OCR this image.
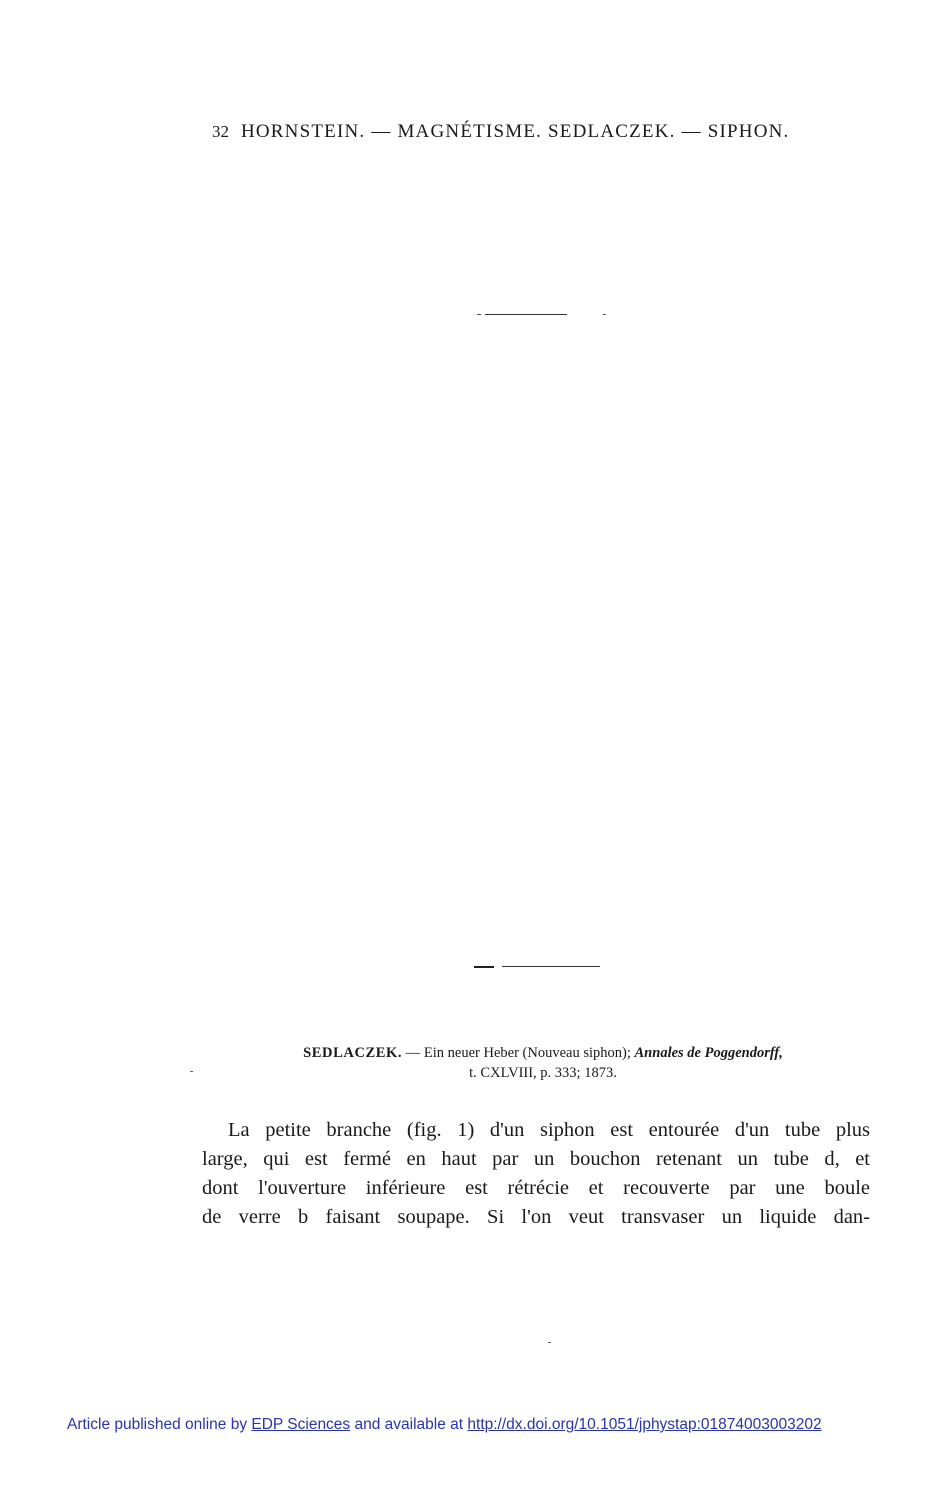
32 HORNSTEIN. — MAGNÉTISME. SEDLACZEK. — SIPHON.
SEDLACZEK. — Ein neuer Heber (Nouveau siphon); Annales de Poggendorff,
t. CXLVIII, p. 333; 1873.
La petite branche (fig. 1) d'un siphon est entourée d'un tube plus
large, qui est fermé en haut par un bouchon retenant un tube d, et
dont l'ouverture inférieure est rétrécie et recouverte par une boule
de verre b faisant soupape. Si l'on veut transvaser un liquide dan-
Article published online by EDP Sciences and available at http://dx.doi.org/10.1051/jphystap:01874003003202
